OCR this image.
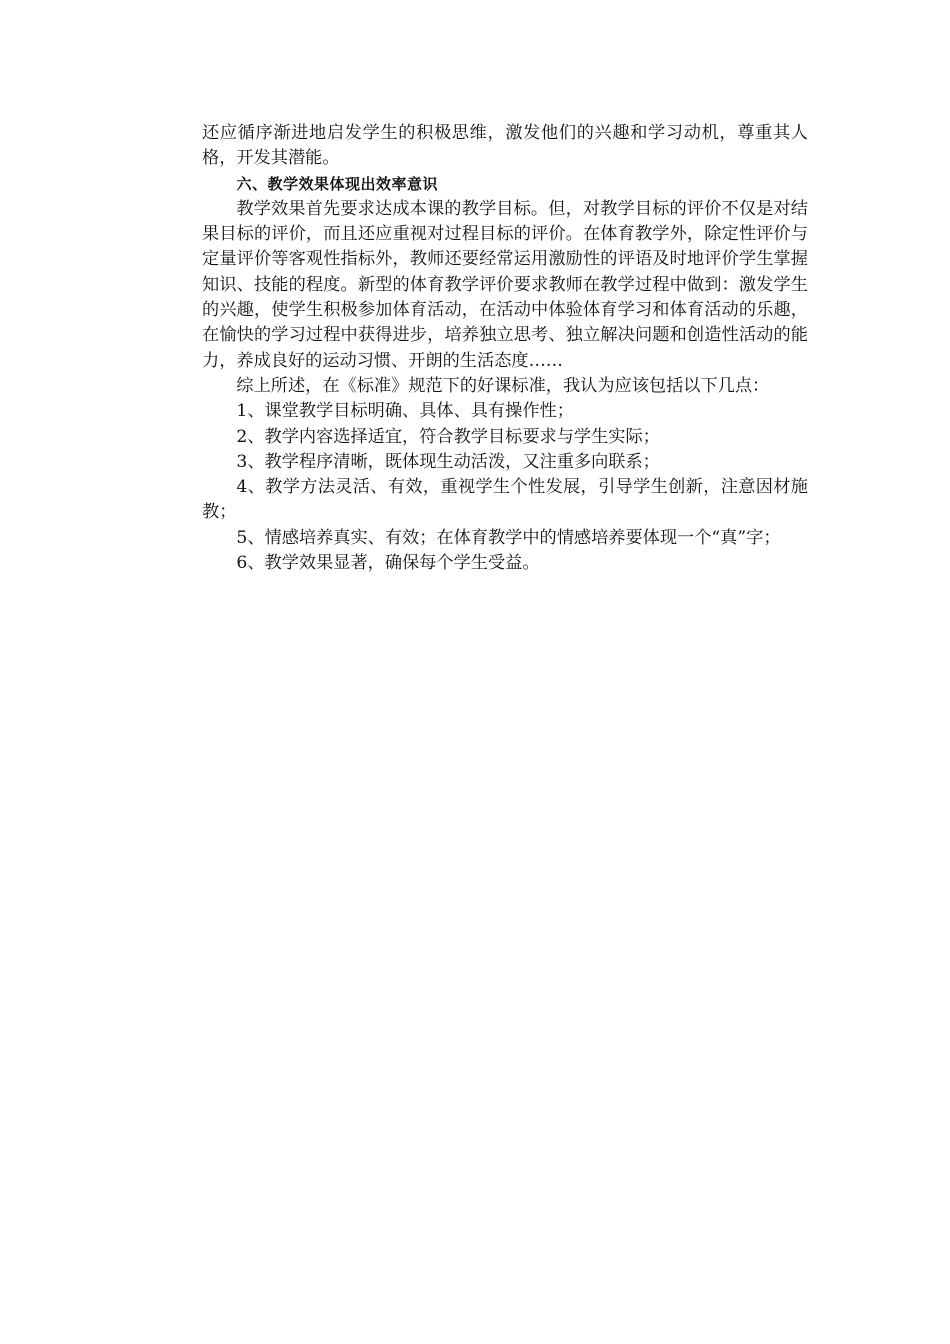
还应循序渐进地启发学生的积极思维，激发他们的兴趣和学习动机，尊重其人格，开发其潜能。

六、教学效果体现出效率意识

教学效果首先要求达成本课的教学目标。但，对教学目标的评价不仅是对结果目标的评价，而且还应重视对过程目标的评价。在体育教学外，除定性评价与定量评价等客观性指标外，教师还要经常运用激励性的评语及时地评价学生掌握知识、技能的程度。新型的体育教学评价要求教师在教学过程中做到：激发学生的兴趣，使学生积极参加体育活动，在活动中体验体育学习和体育活动的乐趣，在愉快的学习过程中获得进步，培养独立思考、独立解决问题和创造性活动的能力，养成良好的运动习惯、开朗的生活态度……

综上所述，在《标准》规范下的好课标准，我认为应该包括以下几点：

1、课堂教学目标明确、具体、具有操作性；

2、教学内容选择适宜，符合教学目标要求与学生实际；

3、教学程序清晰，既体现生动活泼，又注重多向联系；

4、教学方法灵活、有效，重视学生个性发展，引导学生创新，注意因材施教；

5、情感培养真实、有效；在体育教学中的情感培养要体现一个“真”字；

6、教学效果显著，确保每个学生受益。
